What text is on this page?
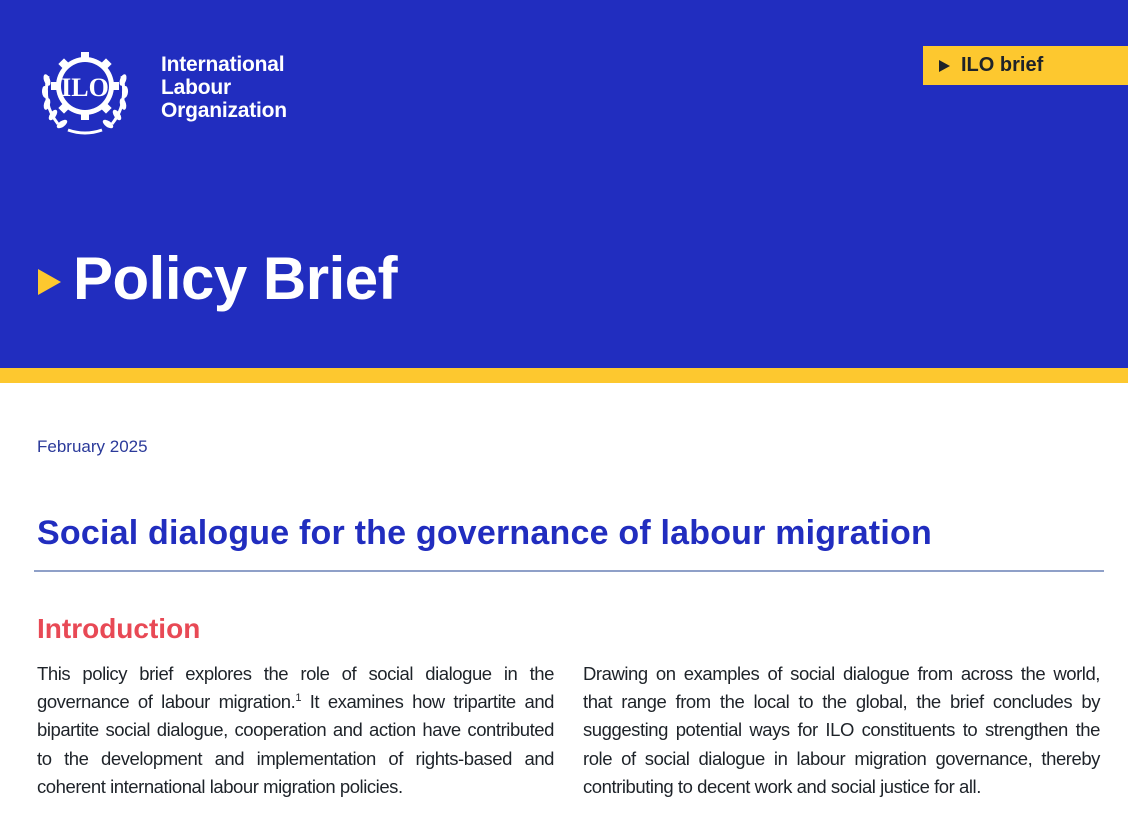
ILO
International
Labour
Organization
ILO brief
Policy Brief
February 2025
Social dialogue for the governance of labour migration
Introduction

This policy brief explores the role of social dialogue in the governance of labour migration.$^1$ It examines how tripartite and bipartite social dialogue, cooperation and action have contributed to the development and implementation of rights-based and coherent international labour migration policies.

Drawing on examples of social dialogue from across the world, that range from the local to the global, the brief concludes by suggesting potential ways for ILO constituents to strengthen the role of social dialogue in labour migration governance, thereby contributing to decent work and social justice for all.
